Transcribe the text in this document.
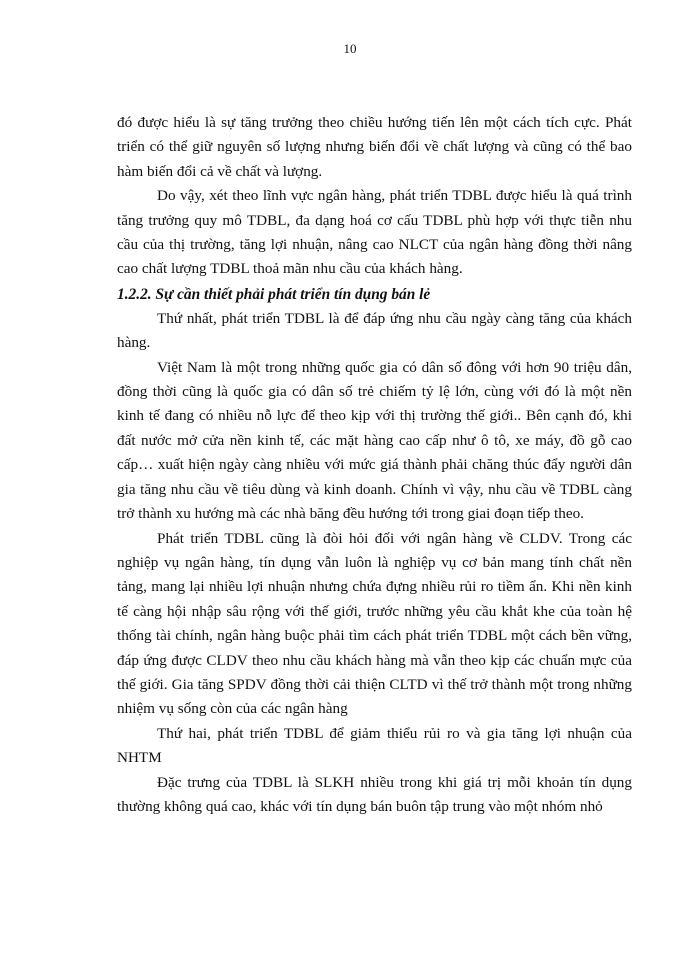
10

đó được hiểu là sự tăng trưởng theo chiều hướng tiến lên một cách tích cực. Phát triển có thể giữ nguyên số lượng nhưng biến đổi về chất lượng và cũng có thể bao hàm biến đổi cả về chất và lượng.

Do vậy, xét theo lĩnh vực ngân hàng, phát triển TDBL được hiểu là quá trình tăng trưởng quy mô TDBL, đa dạng hoá cơ cấu TDBL phù hợp với thực tiễn nhu cầu của thị trường, tăng lợi nhuận, nâng cao NLCT của ngân hàng đồng thời nâng cao chất lượng TDBL thoả mãn nhu cầu của khách hàng.

1.2.2. Sự cần thiết phải phát triển tín dụng bán lẻ

Thứ nhất, phát triển TDBL là để đáp ứng nhu cầu ngày càng tăng của khách hàng.

Việt Nam là một trong những quốc gia có dân số đông với hơn 90 triệu dân, đồng thời cũng là quốc gia có dân số trẻ chiếm tỷ lệ lớn, cùng với đó là một nền kinh tế đang có nhiều nỗ lực để theo kịp với thị trường thế giới.. Bên cạnh đó, khi đất nước mở cửa nền kinh tế, các mặt hàng cao cấp như ô tô, xe máy, đồ gỗ cao cấp… xuất hiện ngày càng nhiều với mức giá thành phải chăng thúc đẩy người dân gia tăng nhu cầu về tiêu dùng và kinh doanh. Chính vì vậy, nhu cầu về TDBL càng trở thành xu hướng mà các nhà băng đều hướng tới trong giai đoạn tiếp theo.

Phát triển TDBL cũng là đòi hỏi đối với ngân hàng về CLDV. Trong các nghiệp vụ ngân hàng, tín dụng vẫn luôn là nghiệp vụ cơ bản mang tính chất nền tảng, mang lại nhiều lợi nhuận nhưng chứa đựng nhiều rủi ro tiềm ẩn. Khi nền kinh tế càng hội nhập sâu rộng với thế giới, trước những yêu cầu khắt khe của toàn hệ thống tài chính, ngân hàng buộc phải tìm cách phát triển TDBL một cách bền vững, đáp ứng được CLDV theo nhu cầu khách hàng mà vẫn theo kịp các chuẩn mực của thế giới. Gia tăng SPDV đồng thời cải thiện CLTD vì thế trở thành một trong những nhiệm vụ sống còn của các ngân hàng

Thứ hai, phát triển TDBL để giảm thiểu rủi ro và gia tăng lợi nhuận của NHTM

Đặc trưng của TDBL là SLKH nhiều trong khi giá trị mỗi khoản tín dụng thường không quá cao, khác với tín dụng bán buôn tập trung vào một nhóm nhỏ
